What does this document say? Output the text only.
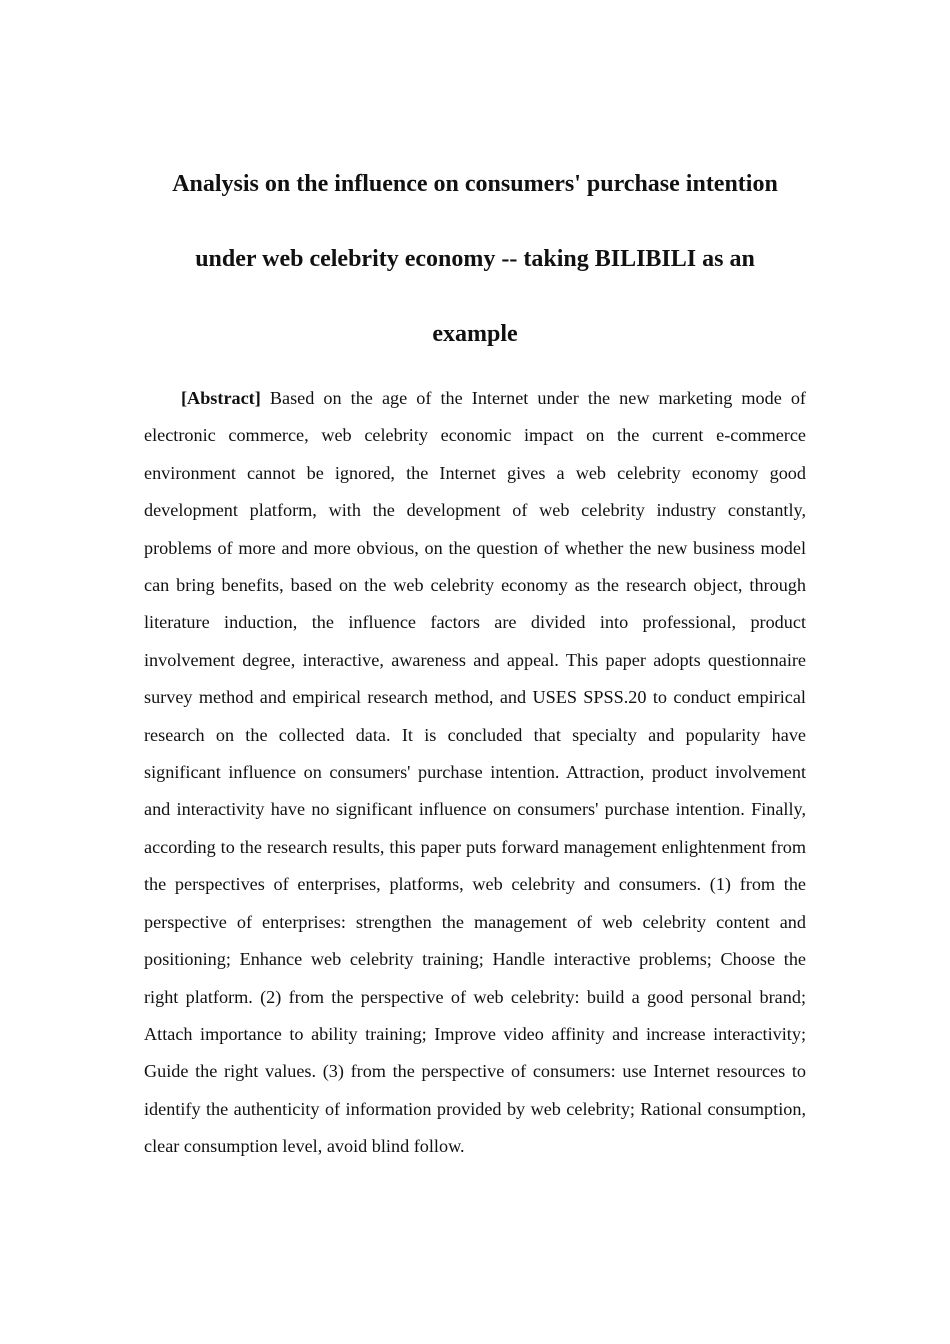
Analysis on the influence on consumers' purchase intention

under web celebrity economy -- taking BILIBILI as an

example

[Abstract] Based on the age of the Internet under the new marketing mode of electronic commerce, web celebrity economic impact on the current e-commerce environment cannot be ignored, the Internet gives a web celebrity economy good development platform, with the development of web celebrity industry constantly, problems of more and more obvious, on the question of whether the new business model can bring benefits, based on the web celebrity economy as the research object, through literature induction, the influence factors are divided into professional, product involvement degree, interactive, awareness and appeal. This paper adopts questionnaire survey method and empirical research method, and USES SPSS.20 to conduct empirical research on the collected data. It is concluded that specialty and popularity have significant influence on consumers' purchase intention. Attraction, product involvement and interactivity have no significant influence on consumers' purchase intention. Finally, according to the research results, this paper puts forward management enlightenment from the perspectives of enterprises, platforms, web celebrity and consumers. (1) from the perspective of enterprises: strengthen the management of web celebrity content and positioning; Enhance web celebrity training; Handle interactive problems; Choose the right platform. (2) from the perspective of web celebrity: build a good personal brand; Attach importance to ability training; Improve video affinity and increase interactivity; Guide the right values. (3) from the perspective of consumers: use Internet resources to identify the authenticity of information provided by web celebrity; Rational consumption, clear consumption level, avoid blind follow.
